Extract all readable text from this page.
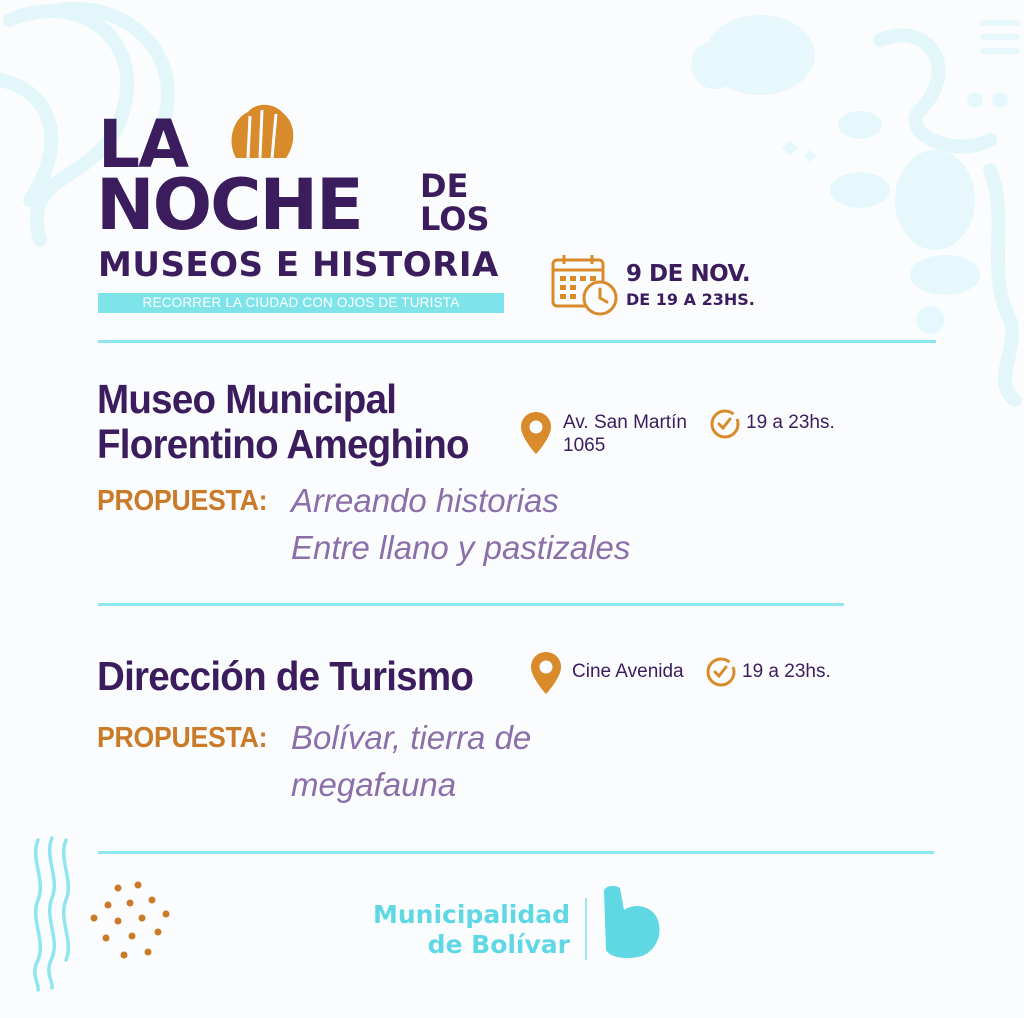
LA
NOCHE DE
LOS
MUSEOS E HISTORIA
RECORRER LA CIUDAD CON OJOS DE TURISTA
9 DE NOV.
DE 19 A 23HS.
Museo Municipal
Florentino Ameghino	Av. San Martín
1065
19 a 23hs.
PROPUESTA: Arreando historias
Entre llano y pastizales
Dirección de Turismo	Cine Avenida	19 a 23hs.
PROPUESTA: Bolívar, tierra de
megafauna
Municipalidad
de Bolívar
